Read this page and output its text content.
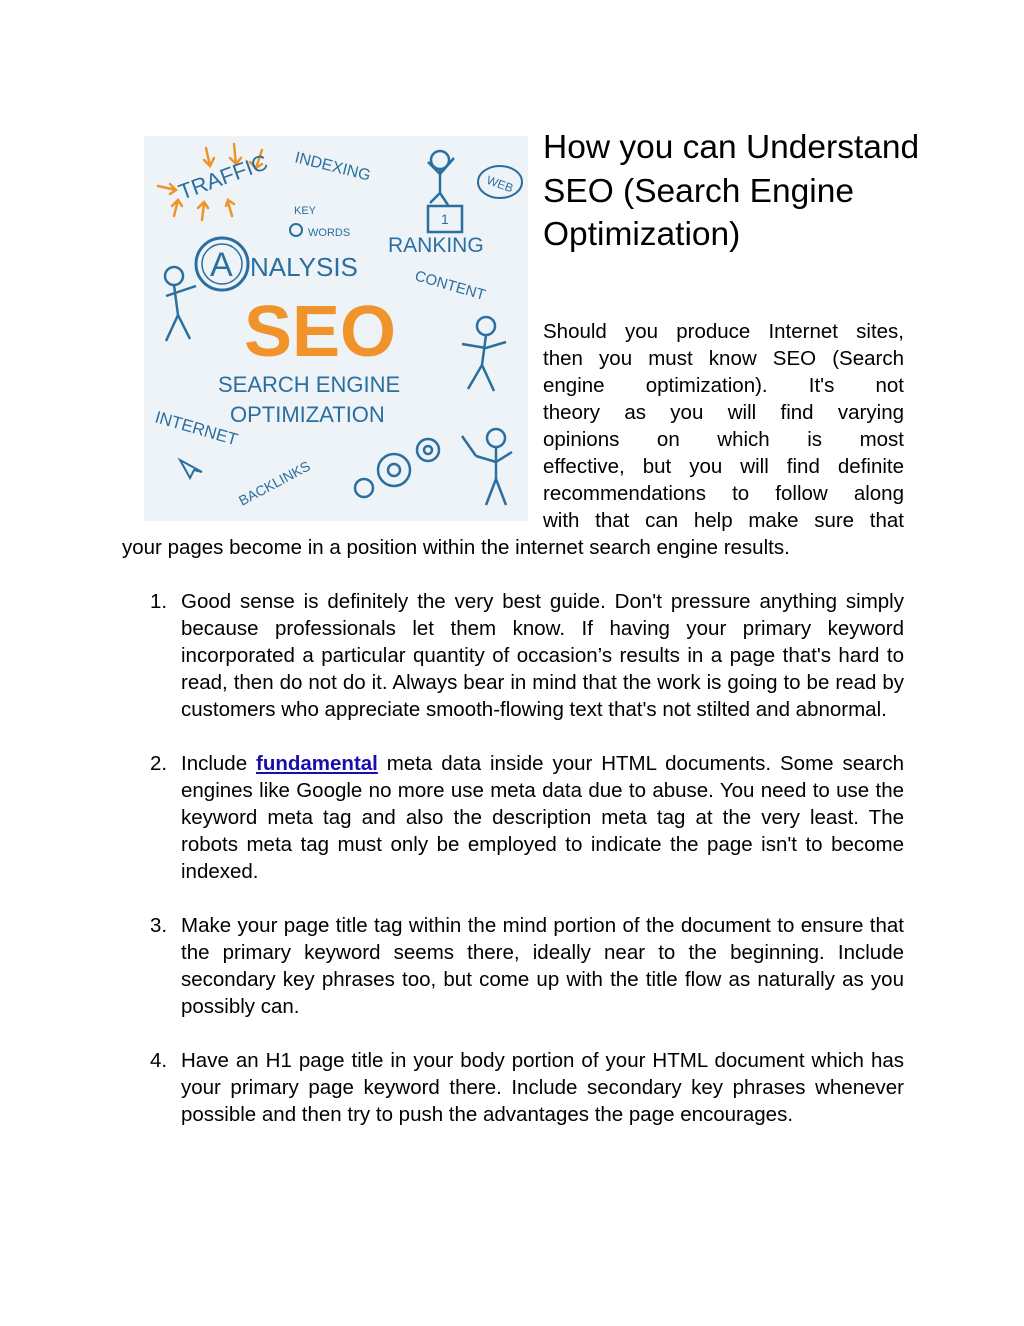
TRAFFIC INDEXING	WEB
1
KEY
WORDS
RANKING
A NALYSIS
CONTENT
SEO
SEARCH ENGINE
OPTIMIZATION
INTERNET
BACKLINKS
How you can Understand SEO (Search Engine Optimization)
Should you produce Internet sites,
then you must know SEO (Search
engine optimization). It's not
theory as you will find varying
opinions on which is most
effective, but you will find definite
recommendations to follow along
with that can help make sure that

your pages become in a position within the internet search engine results.

1. Good sense is definitely the very best guide. Don't pressure anything simply because professionals let them know. If having your primary keyword incorporated a particular quantity of occasion’s results in a page that's hard to read, then do not do it. Always bear in mind that the work is going to be read by customers who appreciate smooth-flowing text that's not stilted and abnormal.
2. Include fundamental meta data inside your HTML documents. Some search engines like Google no more use meta data due to abuse. You need to use the keyword meta tag and also the description meta tag at the very least. The robots meta tag must only be employed to indicate the page isn't to become indexed.
3. Make your page title tag within the mind portion of the document to ensure that the primary keyword seems there, ideally near to the beginning. Include secondary key phrases too, but come up with the title flow as naturally as you possibly can.
4. Have an H1 page title in your body portion of your HTML document which has your primary page keyword there. Include secondary key phrases whenever possible and then try to push the advantages the page encourages.
